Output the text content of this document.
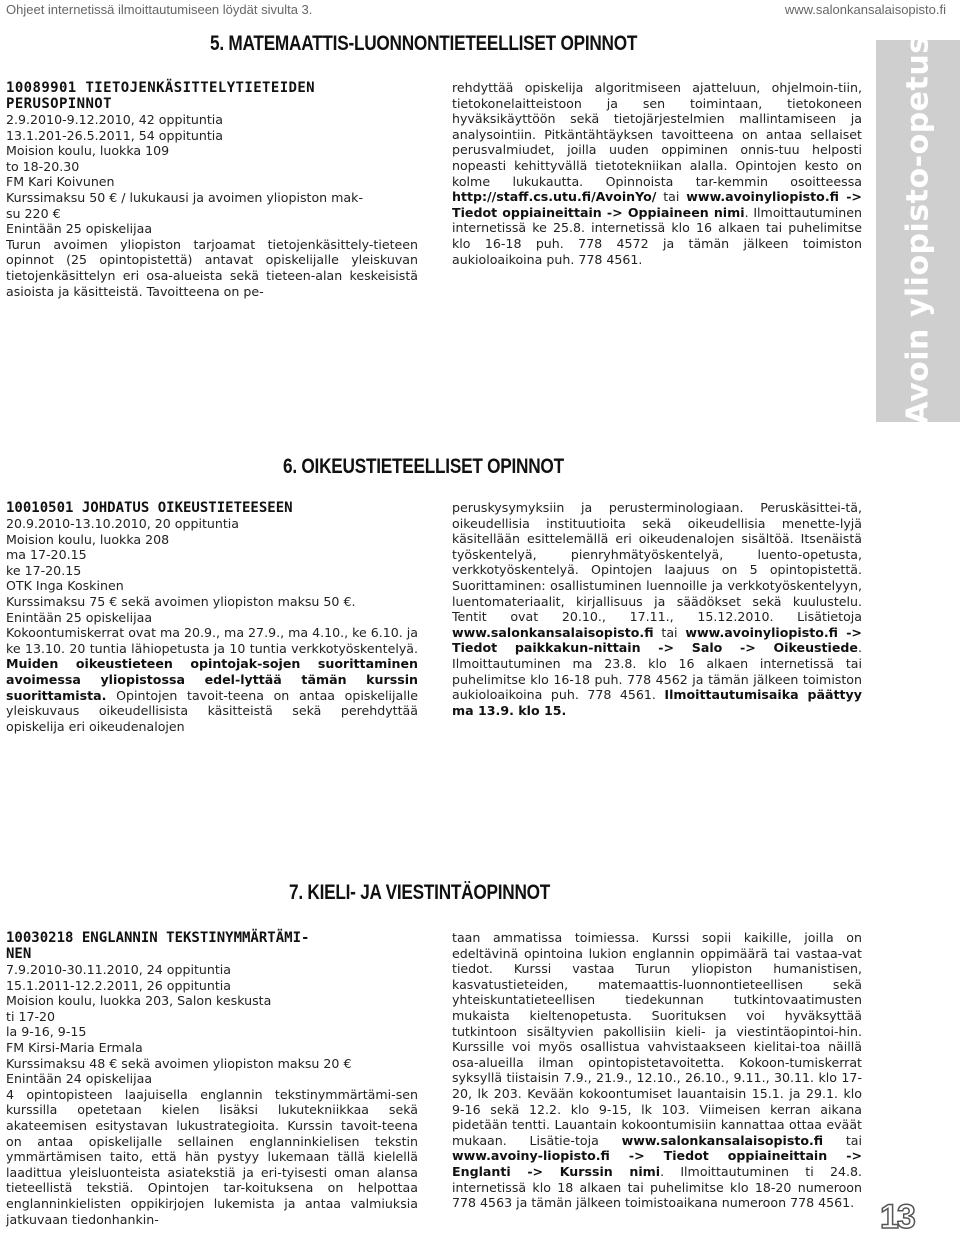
Ohjeet internetissä ilmoittautumiseen löydät sivulta 3.	www.salonkansalaisopisto.fi
Avoin yliopisto-opetus
5. MATEMAATTIS-LUONNONTIETEELLISET OPINNOT
10089901 TIETOJENKÄSITTELYTIETEIDEN
PERUSOPINNOT
2.9.2010-9.12.2010, 42 oppituntia
13.1.201-26.5.2011, 54 oppituntia
Moision koulu, luokka 109
to 18-20.30
FM Kari Koivunen
Kurssimaksu 50 € / lukukausi ja avoimen yliopiston mak-
su 220 €
Enintään 25 opiskelijaa
Turun avoimen yliopiston tarjoamat tietojenkäsittely-tieteen opinnot (25 opintopistettä) antavat opiskelijalle yleiskuvan tietojenkäsittelyn eri osa-alueista sekä tieteen-alan keskeisistä asioista ja käsitteistä. Tavoitteena on pe-
rehdyttää opiskelija algoritmiseen ajatteluun, ohjelmoin-tiin, tietokonelaitteistoon ja sen toimintaan, tietokoneen hyväksikäyttöön sekä tietojärjestelmien mallintamiseen ja analysointiin. Pitkäntähtäyksen tavoitteena on antaa sellaiset perusvalmiudet, joilla uuden oppiminen onnis-tuu helposti nopeasti kehittyvällä tietotekniikan alalla. Opintojen kesto on kolme lukukautta. Opinnoista tar-kemmin osoitteessa http://staff.cs.utu.fi/AvoinYo/ tai www.avoinyliopisto.fi -> Tiedot oppiaineittain -> Oppiaineen nimi. Ilmoittautuminen internetissä ke 25.8. internetissä klo 16 alkaen tai puhelimitse klo 16-18 puh. 778 4572 ja tämän jälkeen toimiston aukioloaikoina puh. 778 4561.
6. OIKEUSTIETEELLISET OPINNOT
10010501 JOHDATUS OIKEUSTIETEESEEN
20.9.2010-13.10.2010, 20 oppituntia
Moision koulu, luokka 208
ma 17-20.15
ke 17-20.15
OTK Inga Koskinen
Kurssimaksu 75 € sekä avoimen yliopiston maksu 50 €.
Enintään 25 opiskelijaa
Kokoontumiskerrat ovat ma 20.9., ma 27.9., ma 4.10., ke 6.10. ja ke 13.10. 20 tuntia lähiopetusta ja 10 tuntia verkkotyöskentelyä. Muiden oikeustieteen opintojak-sojen suorittaminen avoimessa yliopistossa edel-lyttää tämän kurssin suorittamista. Opintojen tavoit-teena on antaa opiskelijalle yleiskuvaus oikeudellisista käsitteistä sekä perehdyttää opiskelija eri oikeudenalojen
peruskysymyksiin ja perusterminologiaan. Peruskäsittei-tä, oikeudellisia instituutioita sekä oikeudellisia menette-lyjä käsitellään esittelemällä eri oikeudenalojen sisältöä. Itsenäistä työskentelyä, pienryhmätyöskentelyä, luento-opetusta, verkkotyöskentelyä. Opintojen laajuus on 5 opintopistettä. Suorittaminen: osallistuminen luennoille ja verkkotyöskentelyyn, luentomateriaalit, kirjallisuus ja säädökset sekä kuulustelu. Tentit ovat 20.10., 17.11., 15.12.2010. Lisätietoja www.salonkansalaisopisto.fi tai www.avoinyliopisto.fi -> Tiedot paikkakun-nittain -> Salo -> Oikeustiede. Ilmoittautuminen ma 23.8. klo 16 alkaen internetissä tai puhelimitse klo 16-18 puh. 778 4562 ja tämän jälkeen toimiston aukioloaikoina puh. 778 4561. Ilmoittautumisaika päättyy ma 13.9. klo 15.
7. KIELI- JA VIESTINTÄOPINNOT
10030218 ENGLANNIN TEKSTINYMMÄRTÄMI-
NEN
7.9.2010-30.11.2010, 24 oppituntia
15.1.2011-12.2.2011, 26 oppituntia
Moision koulu, luokka 203, Salon keskusta
ti 17-20
la 9-16, 9-15
FM Kirsi-Maria Ermala
Kurssimaksu 48 € sekä avoimen yliopiston maksu 20 €
Enintään 24 opiskelijaa
4 opintopisteen laajuisella englannin tekstinymmärtämi-sen kurssilla opetetaan kielen lisäksi lukutekniikkaa sekä akateemisen esitystavan lukustrategioita. Kurssin tavoit-teena on antaa opiskelijalle sellainen englanninkielisen tekstin ymmärtämisen taito, että hän pystyy lukemaan tällä kielellä laadittua yleisluonteista asiatekstiä ja eri-tyisesti oman alansa tieteellistä tekstiä. Opintojen tar-koituksena on helpottaa englanninkielisten oppikirjojen lukemista ja antaa valmiuksia jatkuvaan tiedonhankin-
taan ammatissa toimiessa. Kurssi sopii kaikille, joilla on edeltävinä opintoina lukion englannin oppimäärä tai vastaa-vat tiedot. Kurssi vastaa Turun yliopiston humanistisen, kasvatustieteiden, matemaattis-luonnontieteellisen sekä yhteiskuntatieteellisen tiedekunnan tutkintovaatimusten mukaista kieltenopetusta. Suorituksen voi hyväksyttää tutkintoon sisältyvien pakollisiin kieli- ja viestintäopintoi-hin. Kurssille voi myös osallistua vahvistaakseen kielitai-toa näillä osa-alueilla ilman opintopistetavoitetta. Kokoon-tumiskerrat syksyllä tiistaisin 7.9., 21.9., 12.10., 26.10., 9.11., 30.11. klo 17-20, lk 203. Kevään kokoontumiset lauantaisin 15.1. ja 29.1. klo 9-16 sekä 12.2. klo 9-15, lk 103. Viimeisen kerran aikana pidetään tentti. Lauantain kokoontumisiin kannattaa ottaa eväät mukaan. Lisätie-toja www.salonkansalaisopisto.fi tai www.avoiny-liopisto.fi -> Tiedot oppiaineittain -> Englanti -> Kurssin nimi. Ilmoittautuminen ti 24.8. internetissä klo 18 alkaen tai puhelimitse klo 18-20 numeroon 778 4563 ja tämän jälkeen toimistoaikana numeroon 778 4561. 13
